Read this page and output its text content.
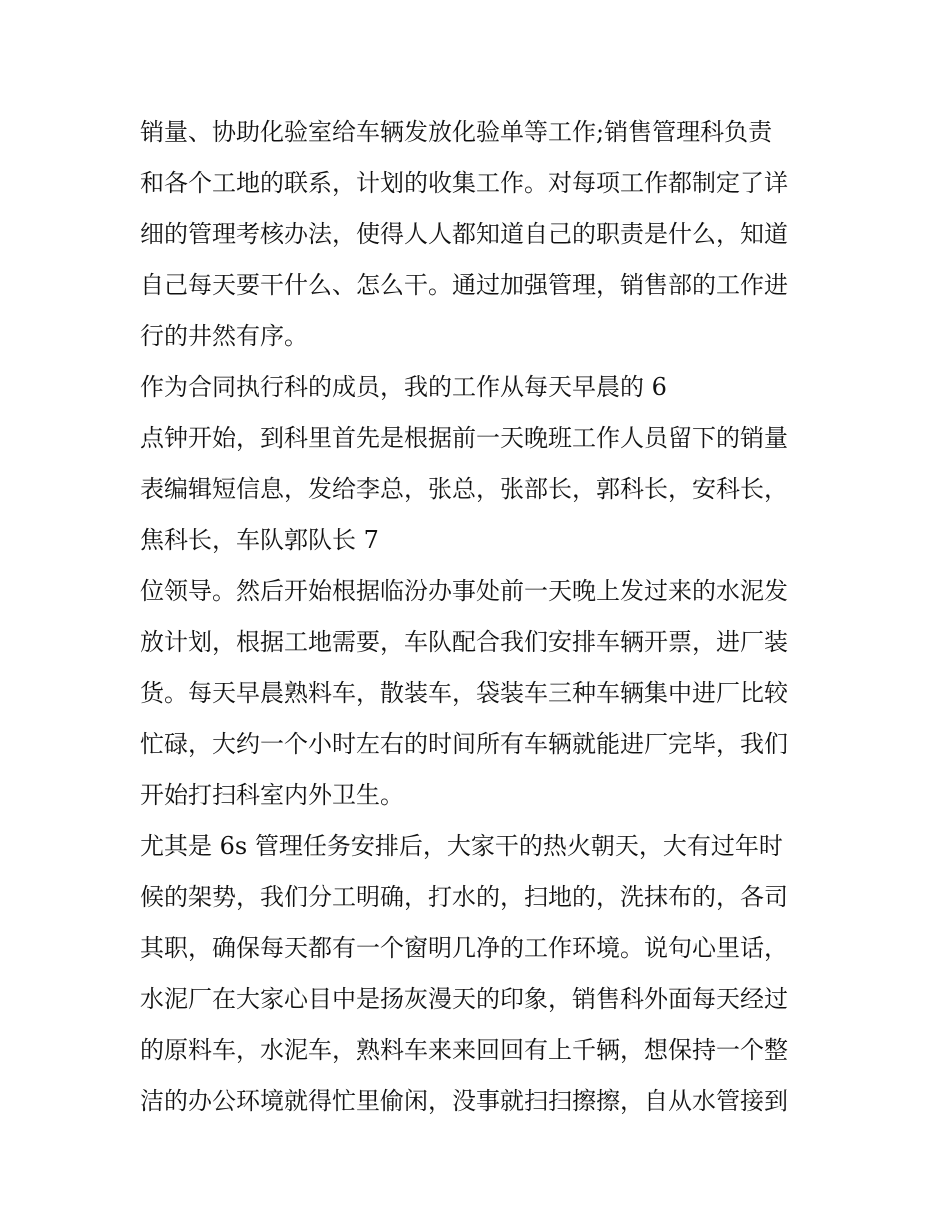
销量、协助化验室给车辆发放化验单等工作;销售管理科负责
和各个工地的联系，计划的收集工作。对每项工作都制定了详
细的管理考核办法，使得人人都知道自己的职责是什么，知道
自己每天要干什么、怎么干。通过加强管理，销售部的工作进
行的井然有序。
作为合同执行科的成员，我的工作从每天早晨的 6
点钟开始，到科里首先是根据前一天晚班工作人员留下的销量
表编辑短信息，发给李总，张总，张部长，郭科长，安科长，
焦科长，车队郭队长 7
位领导。然后开始根据临汾办事处前一天晚上发过来的水泥发
放计划，根据工地需要，车队配合我们安排车辆开票，进厂装
货。每天早晨熟料车，散装车，袋装车三种车辆集中进厂比较
忙碌，大约一个小时左右的时间所有车辆就能进厂完毕，我们
开始打扫科室内外卫生。
尤其是 6s 管理任务安排后，大家干的热火朝天，大有过年时
候的架势，我们分工明确，打水的，扫地的，洗抹布的，各司
其职，确保每天都有一个窗明几净的工作环境。说句心里话，
水泥厂在大家心目中是扬灰漫天的印象，销售科外面每天经过
的原料车，水泥车，熟料车来来回回有上千辆，想保持一个整
洁的办公环境就得忙里偷闲，没事就扫扫擦擦，自从水管接到
